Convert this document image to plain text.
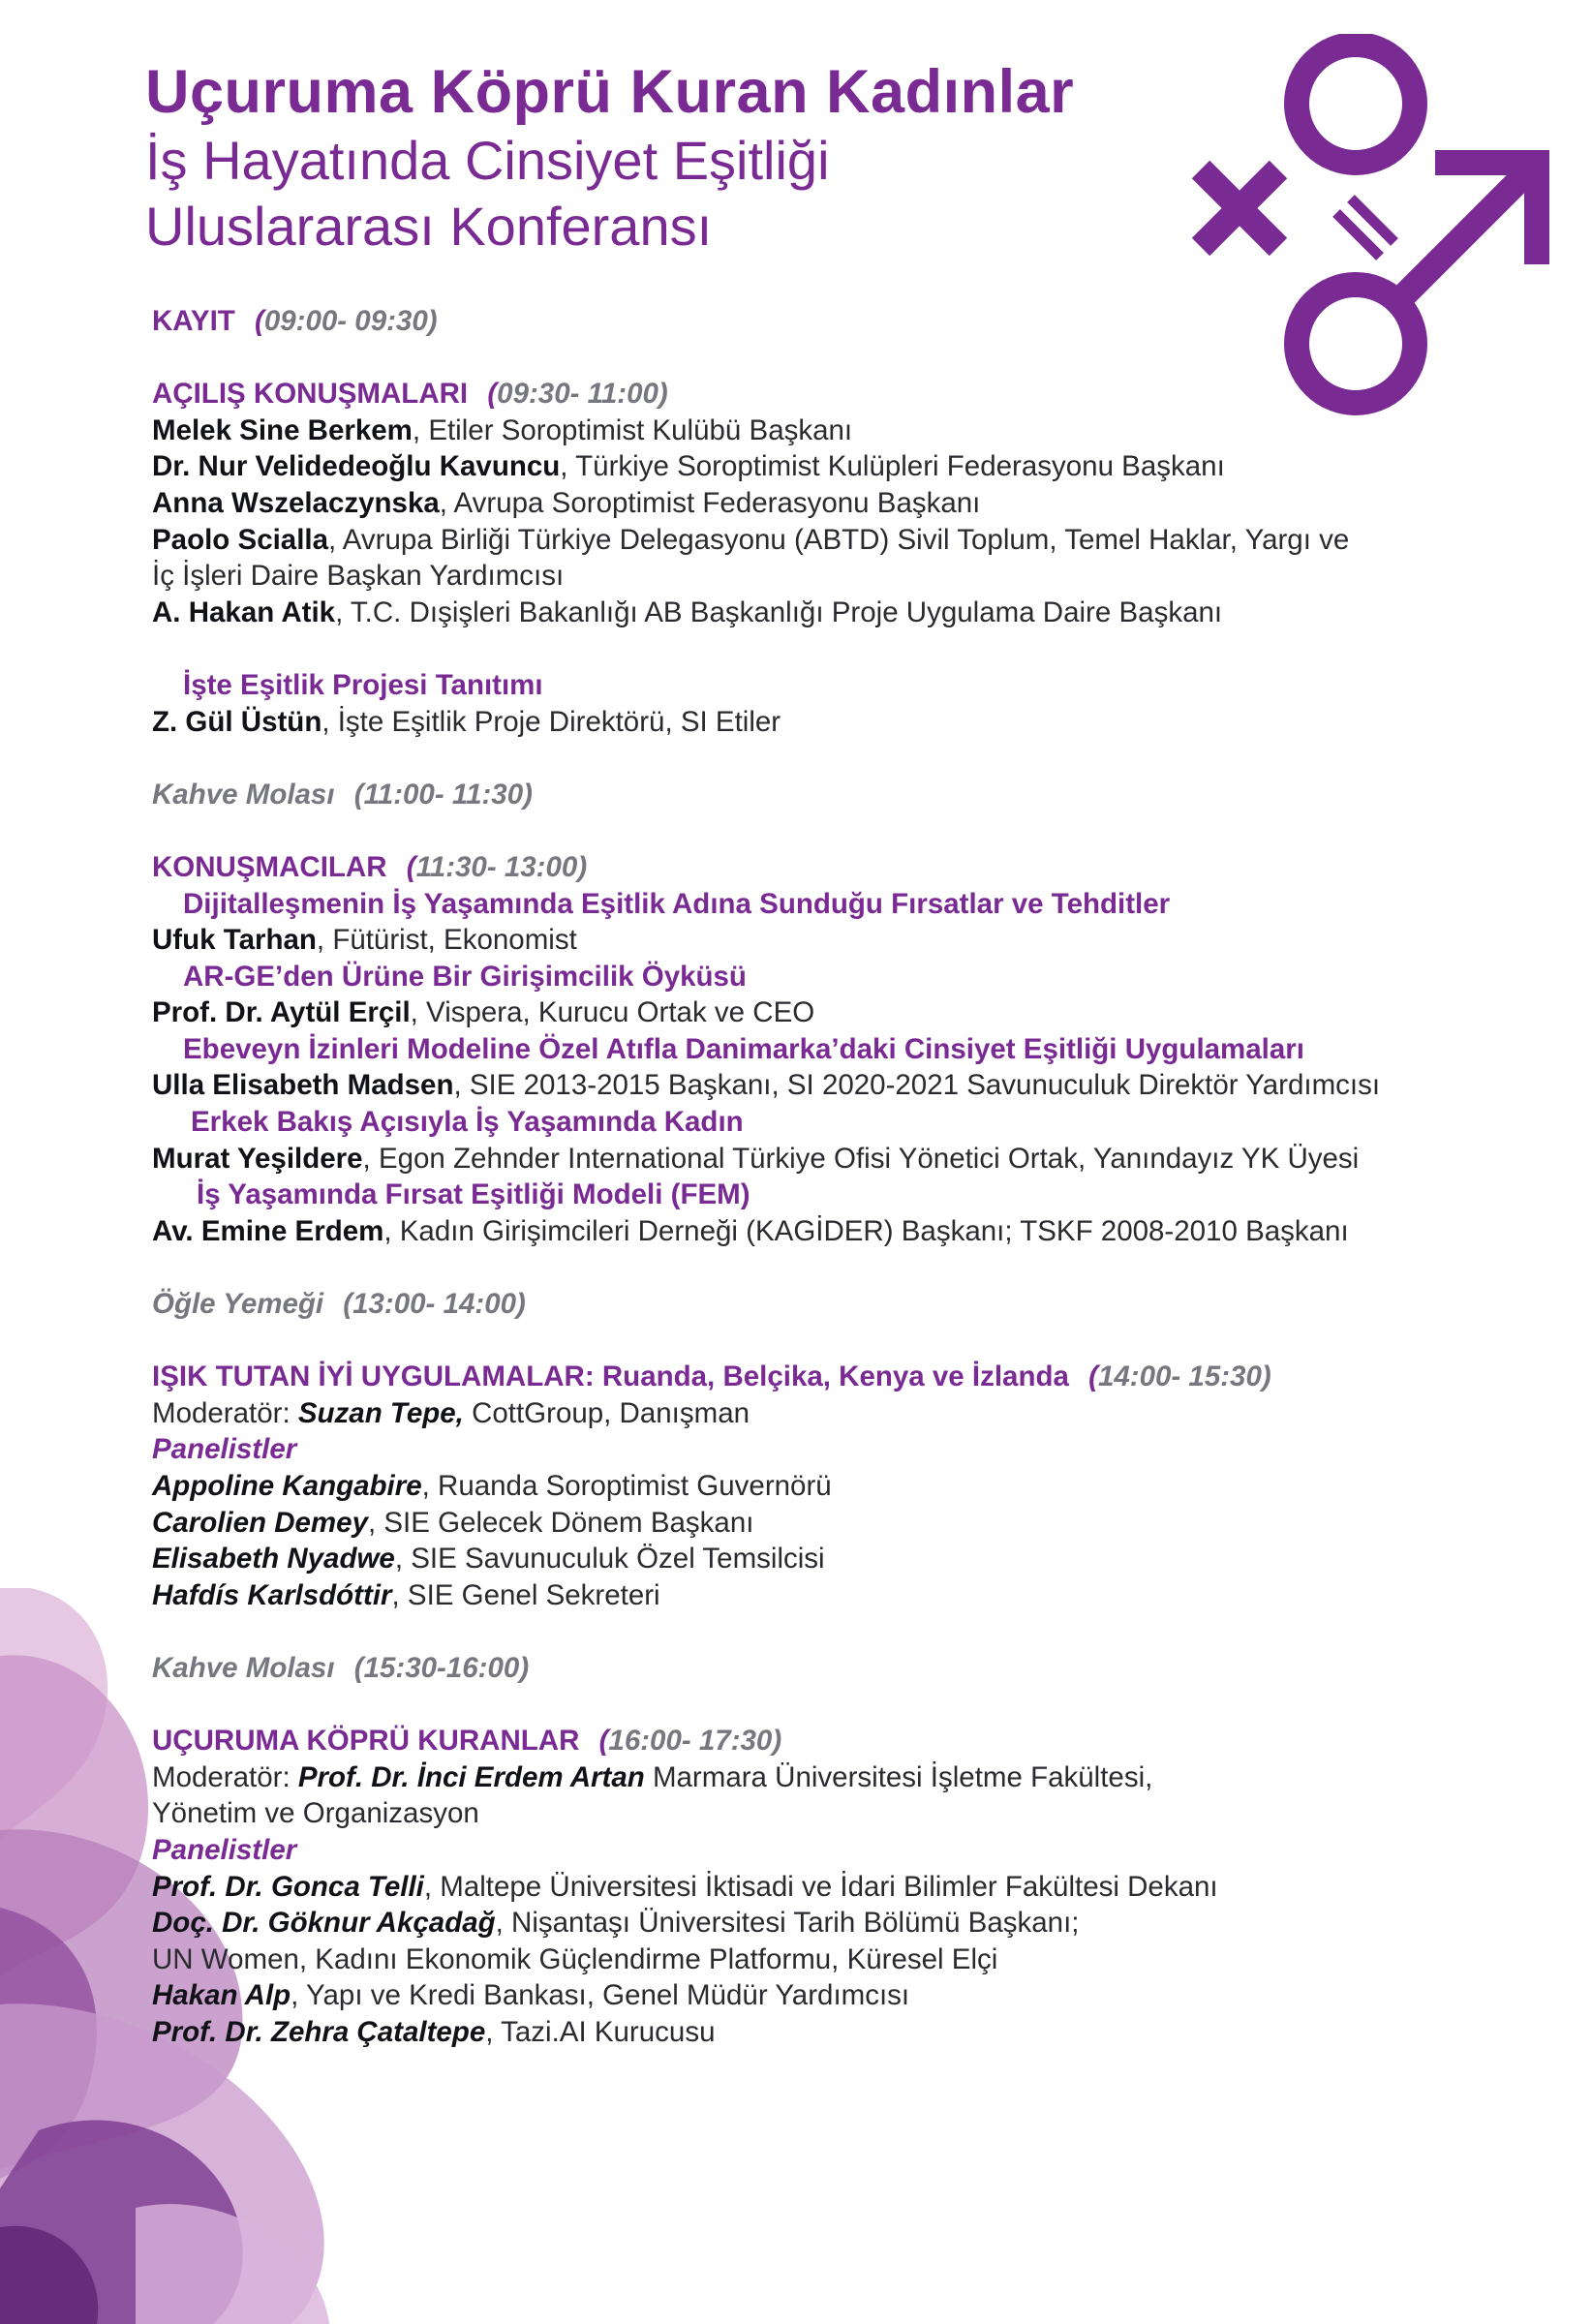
Uçuruma Köprü Kuran Kadınlar
İş Hayatında Cinsiyet Eşitliği
Uluslararası Konferansı
KAYIT (09:00- 09:30)
AÇILIŞ KONUŞMALARI (09:30- 11:00)
Melek Sine Berkem, Etiler Soroptimist Kulübü Başkanı
Dr. Nur Velidedeoğlu Kavuncu, Türkiye Soroptimist Kulüpleri Federasyonu Başkanı
Anna Wszelaczynska, Avrupa Soroptimist Federasyonu Başkanı
Paolo Scialla, Avrupa Birliği Türkiye Delegasyonu (ABTD) Sivil Toplum, Temel Haklar, Yargı ve
İç İşleri Daire Başkan Yardımcısı
A. Hakan Atik, T.C. Dışişleri Bakanlığı AB Başkanlığı Proje Uygulama Daire Başkanı
İşte Eşitlik Projesi Tanıtımı
Z. Gül Üstün, İşte Eşitlik Proje Direktörü, SI Etiler
Kahve Molası (11:00- 11:30)
KONUŞMACILAR (11:30- 13:00)
Dijitalleşmenin İş Yaşamında Eşitlik Adına Sunduğu Fırsatlar ve Tehditler
Ufuk Tarhan, Fütürist, Ekonomist
AR-GE’den Ürüne Bir Girişimcilik Öyküsü
Prof. Dr. Aytül Erçil, Vispera, Kurucu Ortak ve CEO
Ebeveyn İzinleri Modeline Özel Atıfla Danimarka’daki Cinsiyet Eşitliği Uygulamaları
Ulla Elisabeth Madsen, SIE 2013-2015 Başkanı, SI 2020-2021 Savunuculuk Direktör Yardımcısı
Erkek Bakış Açısıyla İş Yaşamında Kadın
Murat Yeşildere, Egon Zehnder International Türkiye Ofisi Yönetici Ortak, Yanındayız YK Üyesi
İş Yaşamında Fırsat Eşitliği Modeli (FEM)
Av. Emine Erdem, Kadın Girişimcileri Derneği (KAGİDER) Başkanı; TSKF 2008-2010 Başkanı
Öğle Yemeği (13:00- 14:00)
IŞIK TUTAN İYİ UYGULAMALAR: Ruanda, Belçika, Kenya ve İzlanda (14:00- 15:30)
Moderatör: Suzan Tepe, CottGroup, Danışman
Panelistler
Appoline Kangabire, Ruanda Soroptimist Guvernörü
Carolien Demey, SIE Gelecek Dönem Başkanı
Elisabeth Nyadwe, SIE Savunuculuk Özel Temsilcisi
Hafdís Karlsdóttir, SIE Genel Sekreteri
Kahve Molası (15:30-16:00)
UÇURUMA KÖPRÜ KURANLAR (16:00- 17:30)
Moderatör: Prof. Dr. İnci Erdem Artan Marmara Üniversitesi İşletme Fakültesi,
Yönetim ve Organizasyon
Panelistler
Prof. Dr. Gonca Telli, Maltepe Üniversitesi İktisadi ve İdari Bilimler Fakültesi Dekanı
Doç. Dr. Göknur Akçadağ, Nişantaşı Üniversitesi Tarih Bölümü Başkanı;
UN Women, Kadını Ekonomik Güçlendirme Platformu, Küresel Elçi
Hakan Alp, Yapı ve Kredi Bankası, Genel Müdür Yardımcısı
Prof. Dr. Zehra Çataltepe, Tazi.AI Kurucusu
